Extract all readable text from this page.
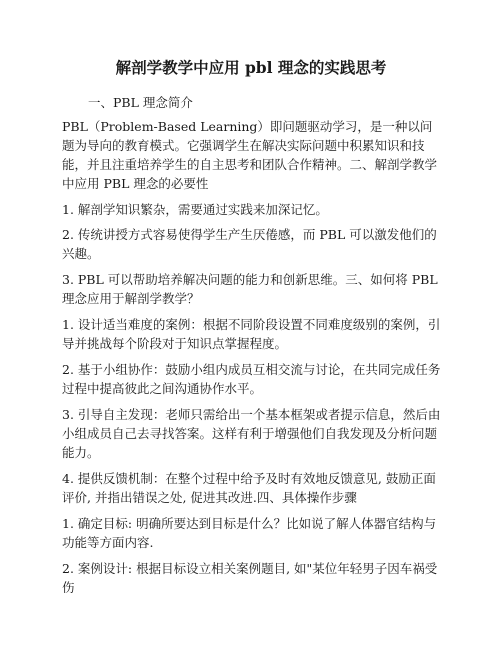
解剖学教学中应用 pbl 理念的实践思考

一、PBL 理念简介

PBL（Problem-Based Learning）即问题驱动学习，是一种以问题为导向的教育模式。它强调学生在解决实际问题中积累知识和技能，并且注重培养学生的自主思考和团队合作精神。二、解剖学教学中应用 PBL 理念的必要性

1. 解剖学知识繁杂，需要通过实践来加深记忆。

2. 传统讲授方式容易使得学生产生厌倦感，而 PBL 可以激发他们的兴趣。

3. PBL 可以帮助培养解决问题的能力和创新思维。三、如何将 PBL 理念应用于解剖学教学？

1. 设计适当难度的案例：根据不同阶段设置不同难度级别的案例，引导并挑战每个阶段对于知识点掌握程度。

2. 基于小组协作：鼓励小组内成员互相交流与讨论，在共同完成任务过程中提高彼此之间沟通协作水平。

3. 引导自主发现：老师只需给出一个基本框架或者提示信息，然后由小组成员自己去寻找答案。这样有利于增强他们自我发现及分析问题能力。

4. 提供反馈机制：在整个过程中给予及时有效地反馈意见, 鼓励正面评价, 并指出错误之处, 促进其改进.四、具体操作步骤

1. 确定目标: 明确所要达到目标是什么？比如说了解人体器官结构与功能等方面内容.

2. 案例设计: 根据目标设立相关案例题目, 如"某位年轻男子因车祸受伤
